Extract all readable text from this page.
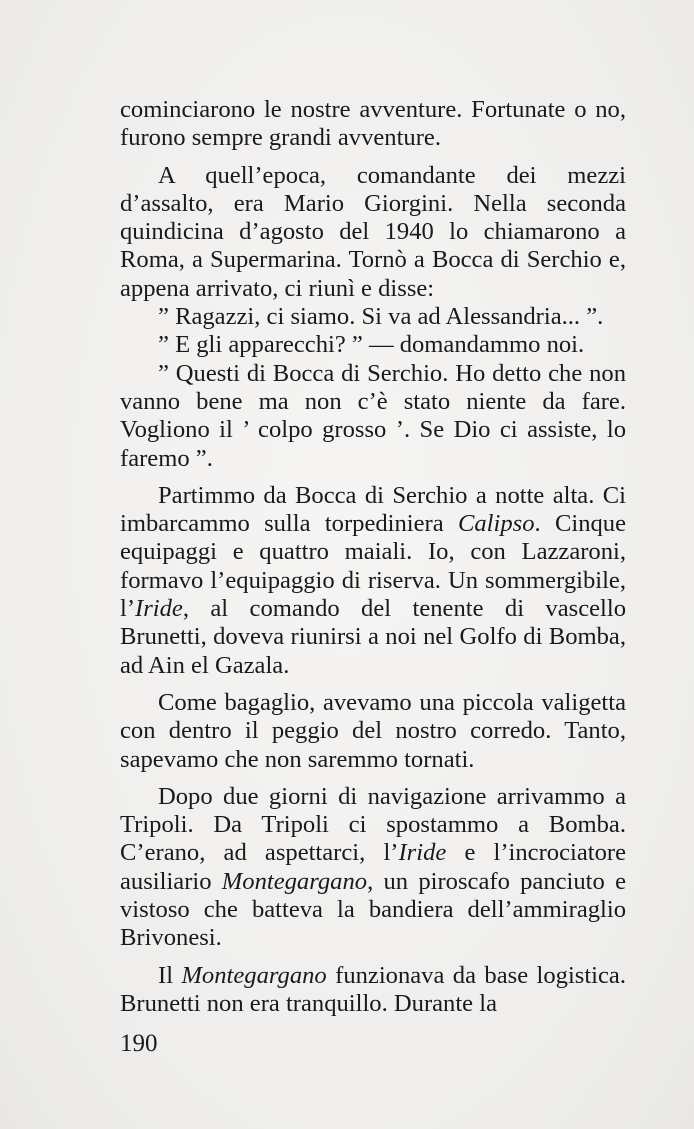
cominciarono le nostre avventure. Fortunate o no, furono sempre grandi avventure.

A quell’epoca, comandante dei mezzi d’assalto, era Mario Giorgini. Nella seconda quindicina d’agosto del 1940 lo chiamarono a Roma, a Supermarina. Tornò a Bocca di Serchio e, appena arrivato, ci riunì e disse:

” Ragazzi, ci siamo. Si va ad Alessandria... ”.

” E gli apparecchi? ” — domandammo noi.

” Questi di Bocca di Serchio. Ho detto che non vanno bene ma non c’è stato niente da fare. Vogliono il ’ colpo grosso ’. Se Dio ci assiste, lo faremo ”.

Partimmo da Bocca di Serchio a notte alta. Ci imbarcammo sulla torpediniera Calipso. Cinque equipaggi e quattro maiali. Io, con Lazzaroni, formavo l’equipaggio di riserva. Un sommergibile, l’Iride, al comando del tenente di vascello Brunetti, doveva riunirsi a noi nel Golfo di Bomba, ad Ain el Gazala.

Come bagaglio, avevamo una piccola valigetta con dentro il peggio del nostro corredo. Tanto, sapevamo che non saremmo tornati.

Dopo due giorni di navigazione arrivammo a Tripoli. Da Tripoli ci spostammo a Bomba. C’erano, ad aspettarci, l’Iride e l’incrociatore ausiliario Montegargano, un piroscafo panciuto e vistoso che batteva la bandiera dell’ammiraglio Brivonesi.

Il Montegargano funzionava da base logistica. Brunetti non era tranquillo. Durante la

190
